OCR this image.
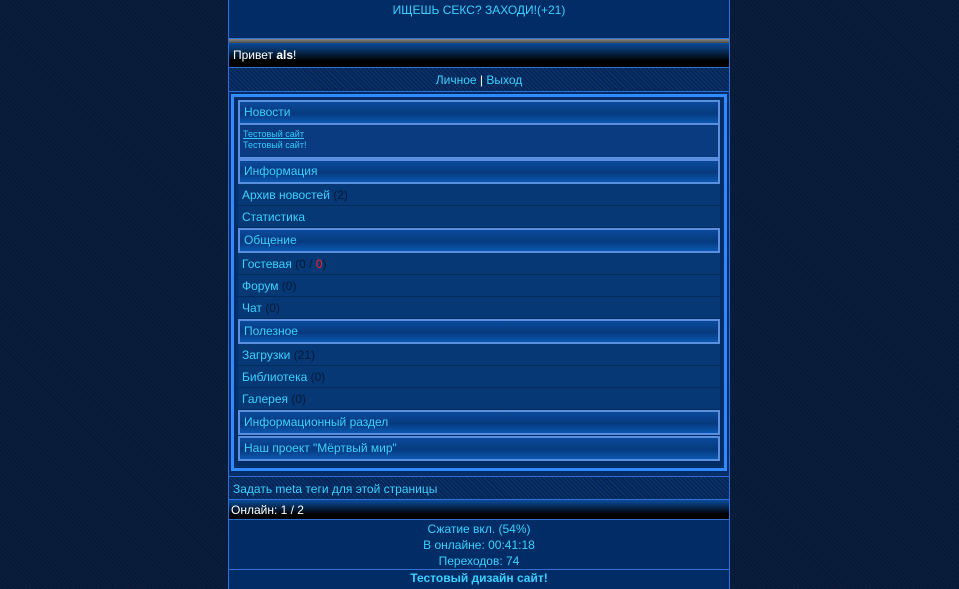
ИЩЕШЬ СЕКС? ЗАХОДИ!(+21)
Привет als!
Личное | Выход
Новости
Тестовый сайт
Тестовый сайт!
Информация
Архив новостей (2)
Статистика
Общение
Гостевая (0 / 0)
Форум (0)
Чат (0)
Полезное
Загрузки (21)
Библиотека (0)
Галерея (0)
Информационный раздел
Наш проект "Мёртвый мир"
Задать meta теги для этой страницы
Онлайн: 1 / 2
Сжатие вкл. (54%)
В онлайне: 00:41:18
Переходов: 74
Тестовый дизайн сайт!
